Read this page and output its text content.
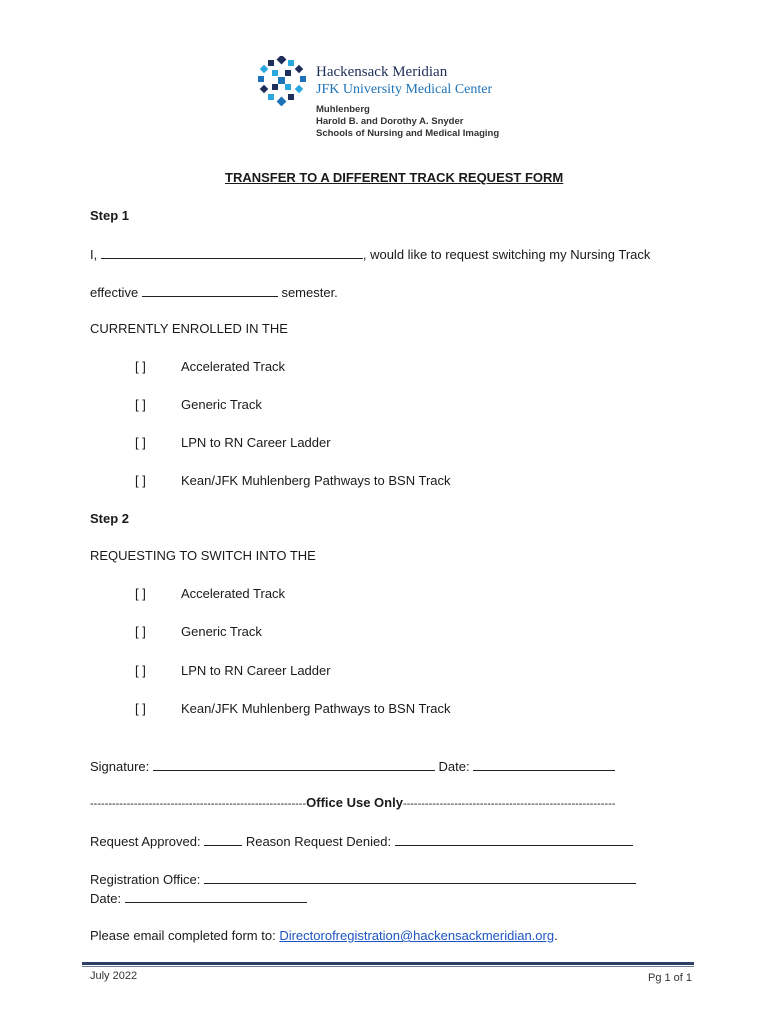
Hackensack Meridian
JFK University Medical Center
Muhlenberg
Harold B. and Dorothy A. Snyder
Schools of Nursing and Medical Imaging
TRANSFER TO A DIFFERENT TRACK REQUEST FORM
Step 1
I,	, would like to request switching my Nursing Track
effective	semester.
CURRENTLY ENROLLED IN THE
[ ]	Accelerated Track
[ ]	Generic Track
[ ]	LPN to RN Career Ladder
[ ]	Kean/JFK Muhlenberg Pathways to BSN Track
Step 2
REQUESTING TO SWITCH INTO THE
[ ]	Accelerated Track
[ ]	Generic Track
[ ]	LPN to RN Career Ladder
[ ]	Kean/JFK Muhlenberg Pathways to BSN Track
Signature:	Date:
-----------------------------------------------------------Office Use Only----------------------------------------------------------
Request Approved:	Reason Request Denied:
Registration Office:
Date:
Please email completed form to: Directorofregistration@hackensackmeridian.org.
July 2022	Pg 1 of 1
